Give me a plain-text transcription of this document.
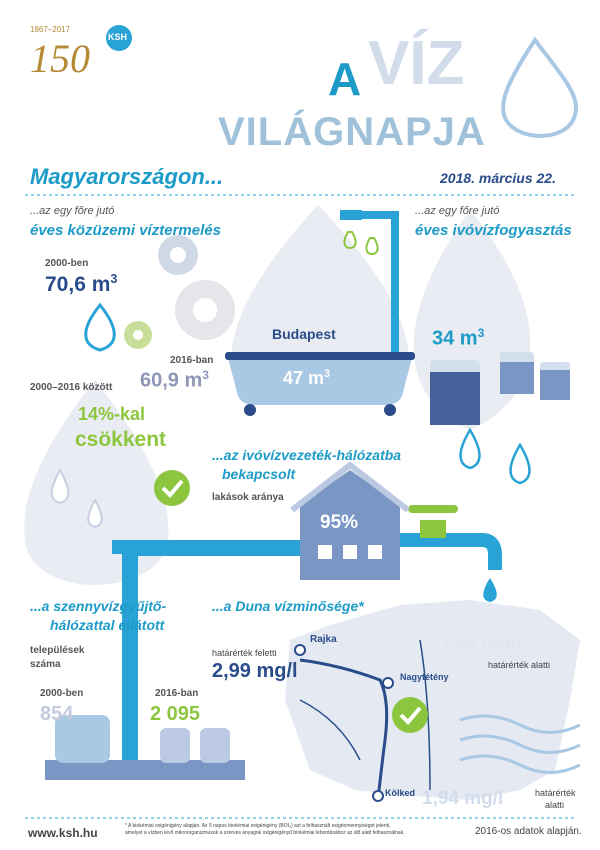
1867–2017
150 KSH
A VÍZ
VILÁGNAPJA
Magyarországon...	2018. március 22.
...az egy főre jutó
éves közüzemi víztermelés
2000-ben
70,6 $m^3$
2016-ban
60,9 $m^3$
2000–2016 között
14%-kal
csökkent
Budapest
47 $m^3$
...az egy főre jutó
éves ivóvízfogyasztás
34 $m^3$
...az ivóvízvezeték-hálózatba
bekapcsolt
lakások aránya
95%
...a szennyvízgyűjtő-
hálózattal ellátott
települések
száma
2000-ben
854
2016-ban
2 095
...a Duna vízminősége*
Rajka
határérték feletti
2,99 mg/l	Nagytétény
1,58 mg/l
határérték alatti
Kölked 1,94 mg/l	határérték
alatti
www.ksh.hu	* A biokémiai oxigénigény alapján. Az 5 napos biokémiai oxigénigény (BOI₅) azt a felhasznált oxigénmennyiséget jelenti,
amelyet a vízben lévő mikroorganizmusok a szerves anyagok oxigénigényű biokémiai lebontásához az idő alatt felhasználnak.	2016-os adatok alapján.
